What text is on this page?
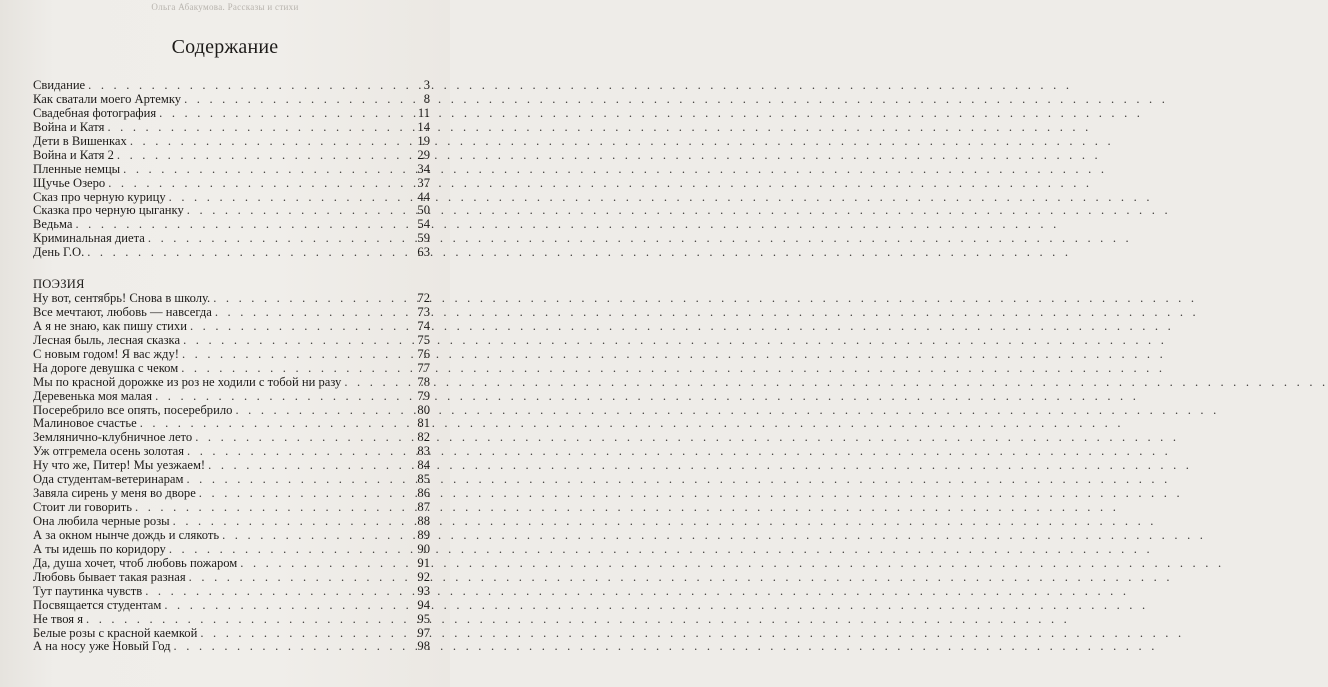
Ольга Абакумова. Рассказы и стихи
Содержание
Свидание . . .	3
Как сватали моего Артемку . . .	8
Свадебная фотография . . .	11
Война и Катя . . .	14
Дети в Вишенках . . .	19
Война и Катя 2 . . .	29
Пленные немцы . . .	34
Щучье Озеро . . .	37
Сказ про черную курицу . . .	44
Сказка про черную цыганку . . .	50
Ведьма . . .	54
Криминальная диета . . .	59
День Г.О. . . .	63
ПОЭЗИЯ
Ну вот, сентябрь! Снова в школу. . . .	72
Все мечтают, любовь — навсегда . . .	73
А я не знаю, как пишу стихи . . .	74
Лесная быль, лесная сказка . . .	75
С новым годом! Я вас жду! . . .	76
На дороге девушка с чеком . . .	77
Мы по красной дорожке из роз не ходили с тобой ни разу . . .	78
Деревенька моя малая . . .	79
Посеребрило все опять, посеребрило . . .	80
Малиновое счастье . . .	81
Землянично-клубничное лето . . .	82
Уж отгремела осень золотая . . .	83
Ну что же, Питер! Мы уезжаем! . . .	84
Ода студентам-ветеринарам . . .	85
Завяла сирень у меня во дворе . . .	86
Стоит ли говорить . . .	87
Она любила черные розы . . .	88
А за окном нынче дождь и слякоть . . .	89
А ты идешь по коридору . . .	90
Да, душа хочет, чтоб любовь пожаром . . .	91
Любовь бывает такая разная . . .	92
Тут паутинка чувств . . .	93
Посвящается студентам . . .	94
Не твоя я . . .	95
Белые розы с красной каемкой . . .	97
А на носу уже Новый Год . . .	98
